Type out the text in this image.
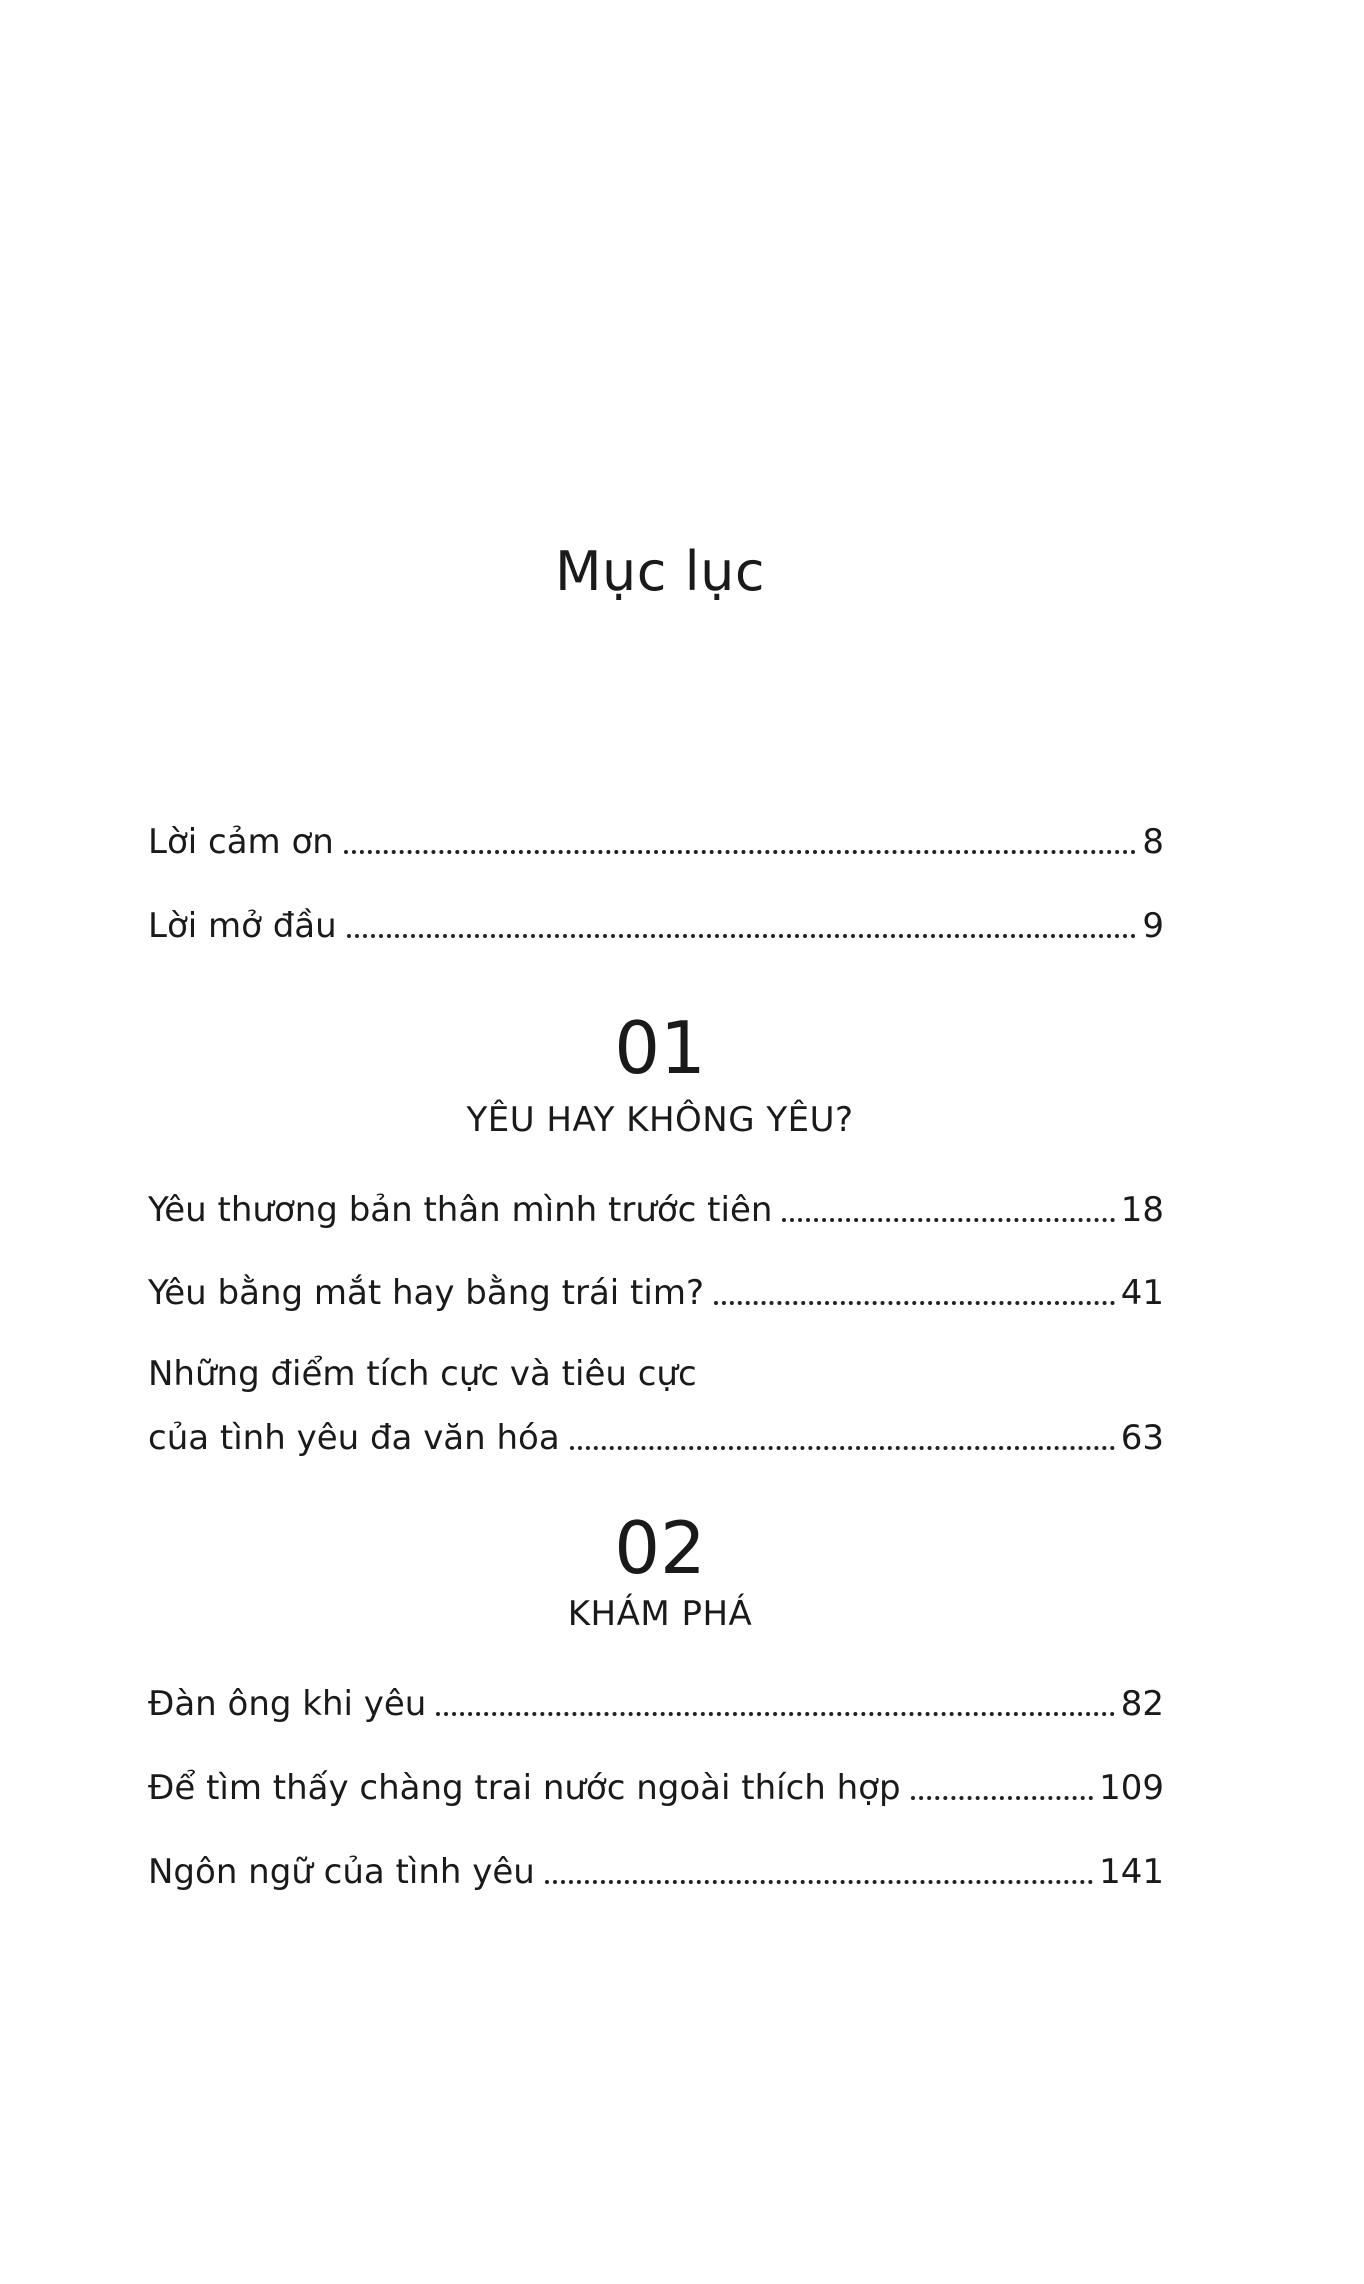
Mục lục
Lời cảm ơn	8
Lời mở đầu	9
01
YÊU HAY KHÔNG YÊU?
Yêu thương bản thân mình trước tiên	18
Yêu bằng mắt hay bằng trái tim?	41
Những điểm tích cực và tiêu cực
của tình yêu đa văn hóa	63
02
KHÁM PHÁ
Đàn ông khi yêu	82
Để tìm thấy chàng trai nước ngoài thích hợp	109
Ngôn ngữ của tình yêu	141
